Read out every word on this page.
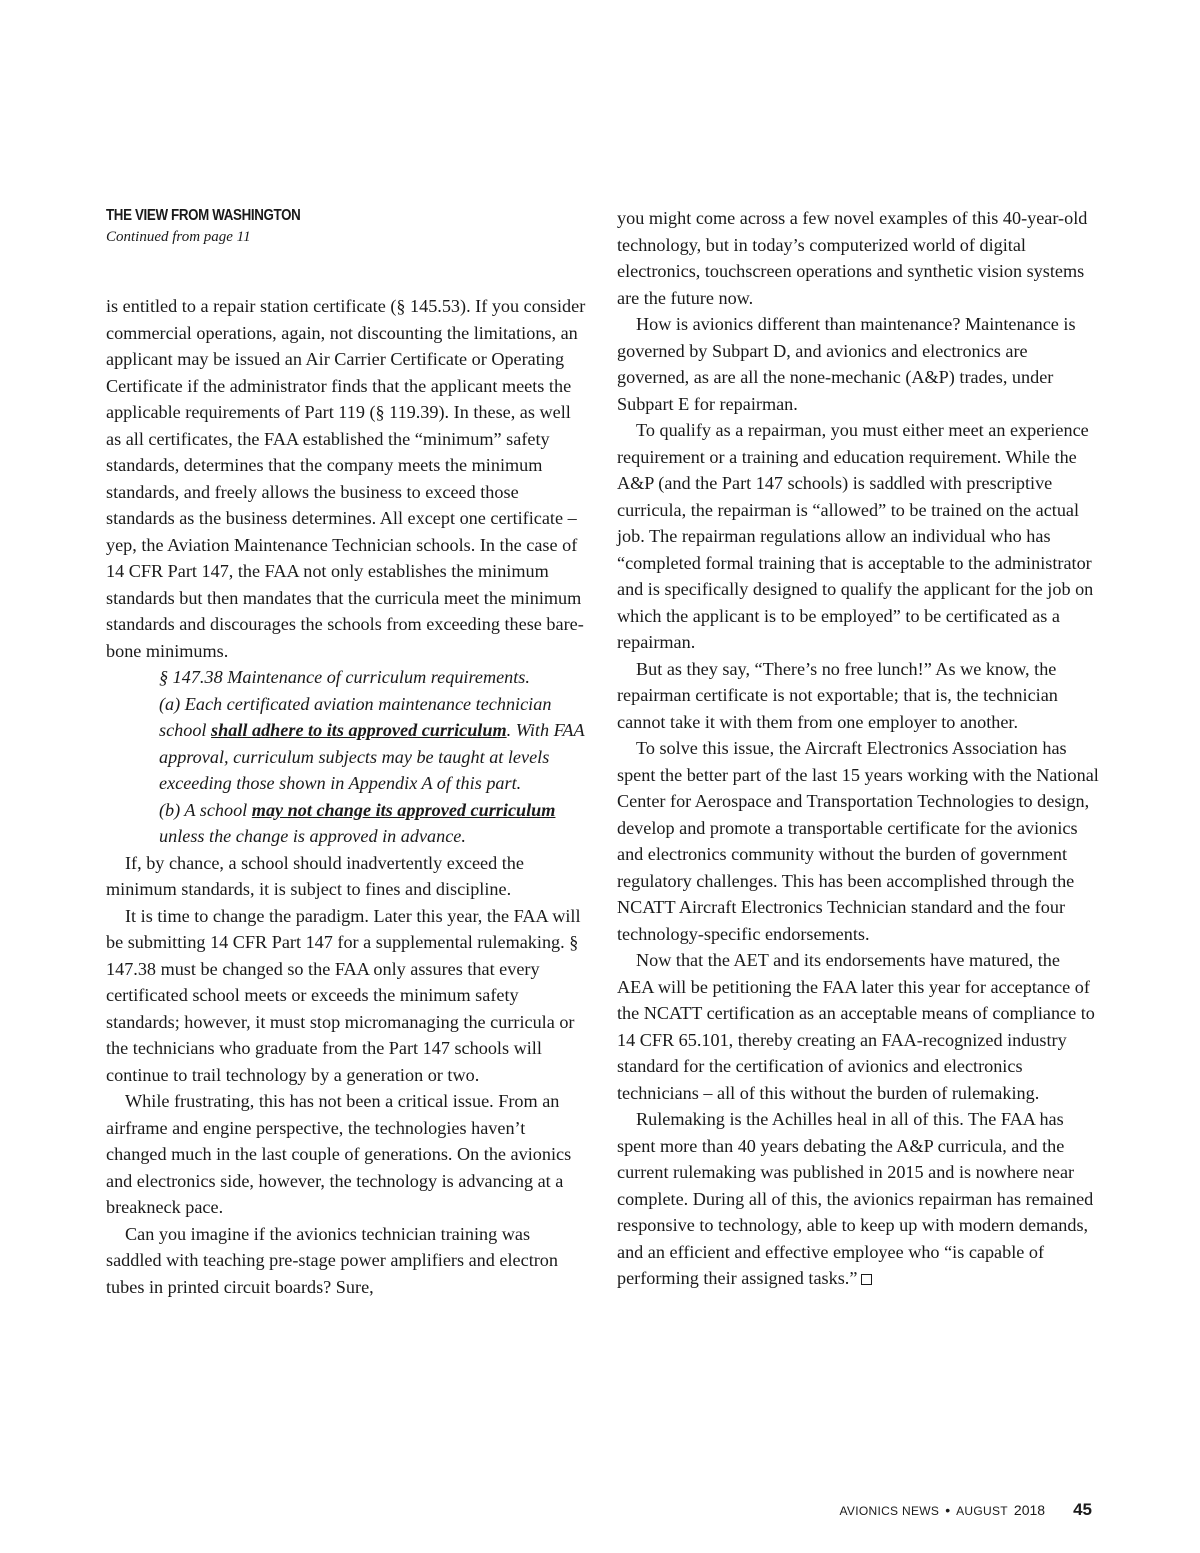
THE VIEW FROM WASHINGTON
Continued from page 11

is entitled to a repair station certificate (§ 145.53). If you consider commercial operations, again, not discounting the limitations, an applicant may be issued an Air Carrier Certificate or Operating Certificate if the administrator finds that the applicant meets the applicable requirements of Part 119 (§ 119.39). In these, as well as all certificates, the FAA established the “minimum” safety standards, determines that the company meets the minimum standards, and freely allows the business to exceed those standards as the business determines. All except one certificate – yep, the Aviation Maintenance Technician schools. In the case of 14 CFR Part 147, the FAA not only establishes the minimum standards but then mandates that the curricula meet the minimum standards and discourages the schools from exceeding these bare-bone minimums.

§ 147.38 Maintenance of curriculum requirements.
(a) Each certificated aviation maintenance technician school shall adhere to its approved curriculum. With FAA approval, curriculum subjects may be taught at levels exceeding those shown in Appendix A of this part.
(b) A school may not change its approved curriculum unless the change is approved in advance.

If, by chance, a school should inadvertently exceed the minimum standards, it is subject to fines and discipline.

It is time to change the paradigm. Later this year, the FAA will be submitting 14 CFR Part 147 for a supplemental rulemaking. § 147.38 must be changed so the FAA only assures that every certificated school meets or exceeds the minimum safety standards; however, it must stop micromanaging the curricula or the technicians who graduate from the Part 147 schools will continue to trail technology by a generation or two.

While frustrating, this has not been a critical issue. From an airframe and engine perspective, the technologies haven’t changed much in the last couple of generations. On the avionics and electronics side, however, the technology is advancing at a breakneck pace.

Can you imagine if the avionics technician training was saddled with teaching pre-stage power amplifiers and electron tubes in printed circuit boards? Sure,

you might come across a few novel examples of this 40-year-old technology, but in today’s computerized world of digital electronics, touchscreen operations and synthetic vision systems are the future now.

How is avionics different than maintenance? Maintenance is governed by Subpart D, and avionics and electronics are governed, as are all the none-mechanic (A&P) trades, under Subpart E for repairman.

To qualify as a repairman, you must either meet an experience requirement or a training and education requirement. While the A&P (and the Part 147 schools) is saddled with prescriptive curricula, the repairman is “allowed” to be trained on the actual job. The repairman regulations allow an individual who has “completed formal training that is acceptable to the administrator and is specifically designed to qualify the applicant for the job on which the applicant is to be employed” to be certificated as a repairman.

But as they say, “There’s no free lunch!” As we know, the repairman certificate is not exportable; that is, the technician cannot take it with them from one employer to another.

To solve this issue, the Aircraft Electronics Association has spent the better part of the last 15 years working with the National Center for Aerospace and Transportation Technologies to design, develop and promote a transportable certificate for the avionics and electronics community without the burden of government regulatory challenges. This has been accomplished through the NCATT Aircraft Electronics Technician standard and the four technology-specific endorsements.

Now that the AET and its endorsements have matured, the AEA will be petitioning the FAA later this year for acceptance of the NCATT certification as an acceptable means of compliance to 14 CFR 65.101, thereby creating an FAA-recognized industry standard for the certification of avionics and electronics technicians – all of this without the burden of rulemaking.

Rulemaking is the Achilles heal in all of this. The FAA has spent more than 40 years debating the A&P curricula, and the current rulemaking was published in 2015 and is nowhere near complete. During all of this, the avionics repairman has remained responsive to technology, able to keep up with modern demands, and an efficient and effective employee who “is capable of performing their assigned tasks.”

AVIONICS NEWS • AUGUST 2018 45
